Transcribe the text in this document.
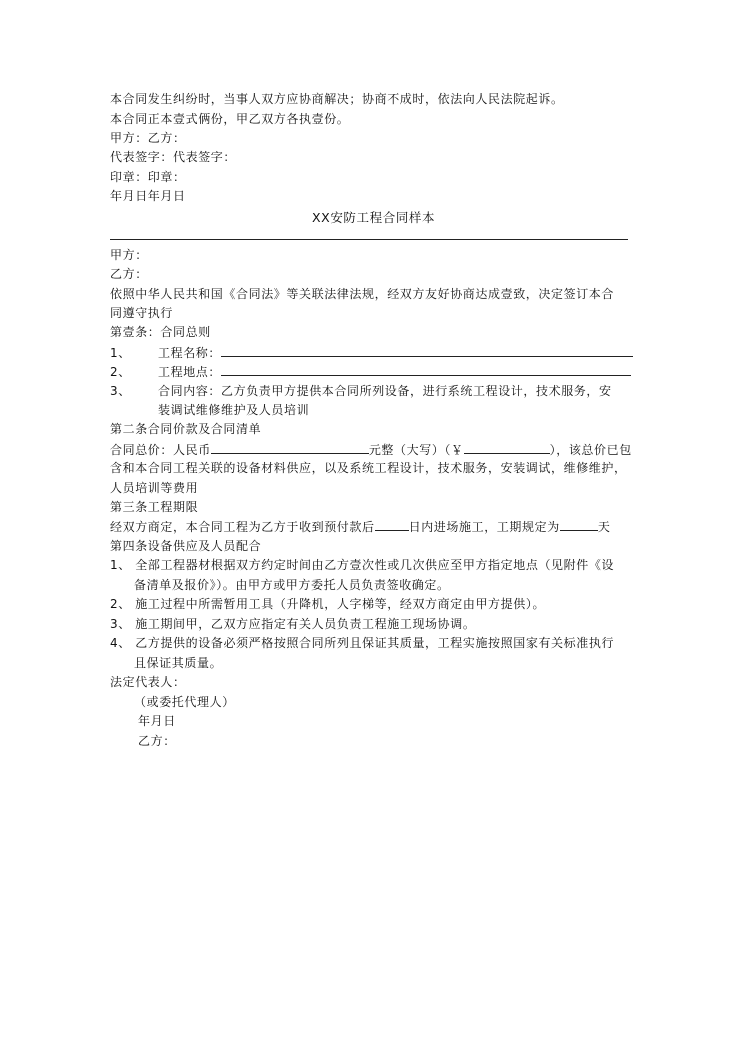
本合同发生纠纷时，当事人双方应协商解决；协商不成时，依法向人民法院起诉。
本合同正本壹式俩份，甲乙双方各执壹份。
甲方：乙方：
代表签字：代表签字：
印章：印章：
年月日年月日
XX安防工程合同样本
甲方：
乙方：
依照中华人民共和国《合同法》等关联法律法规，经双方友好协商达成壹致，决定签订本合
同遵守执行
第壹条：合同总则
1、 工程名称：
2、 工程地点：
3、 合同内容：乙方负责甲方提供本合同所列设备，进行系统工程设计，技术服务，安
装调试维修维护及人员培训
第二条合同价款及合同清单
合同总价：人民币	元整（大写）（￥	），该总价已包
含和本合同工程关联的设备材料供应，以及系统工程设计，技术服务，安装调试，维修维护，
人员培训等费用
第三条工程期限
经双方商定，本合同工程为乙方于收到预付款后	日内进场施工，工期规定为	天
第四条设备供应及人员配合
1、 全部工程器材根据双方约定时间由乙方壹次性或几次供应至甲方指定地点（见附件《设
备清单及报价》）。由甲方或甲方委托人员负责签收确定。
2、 施工过程中所需暂用工具（升降机，人字梯等，经双方商定由甲方提供）。
3、 施工期间甲，乙双方应指定有关人员负责工程施工现场协调。
4、 乙方提供的设备必须严格按照合同所列且保证其质量，工程实施按照国家有关标准执行
且保证其质量。
法定代表人：
（或委托代理人）
年月日
乙方：
